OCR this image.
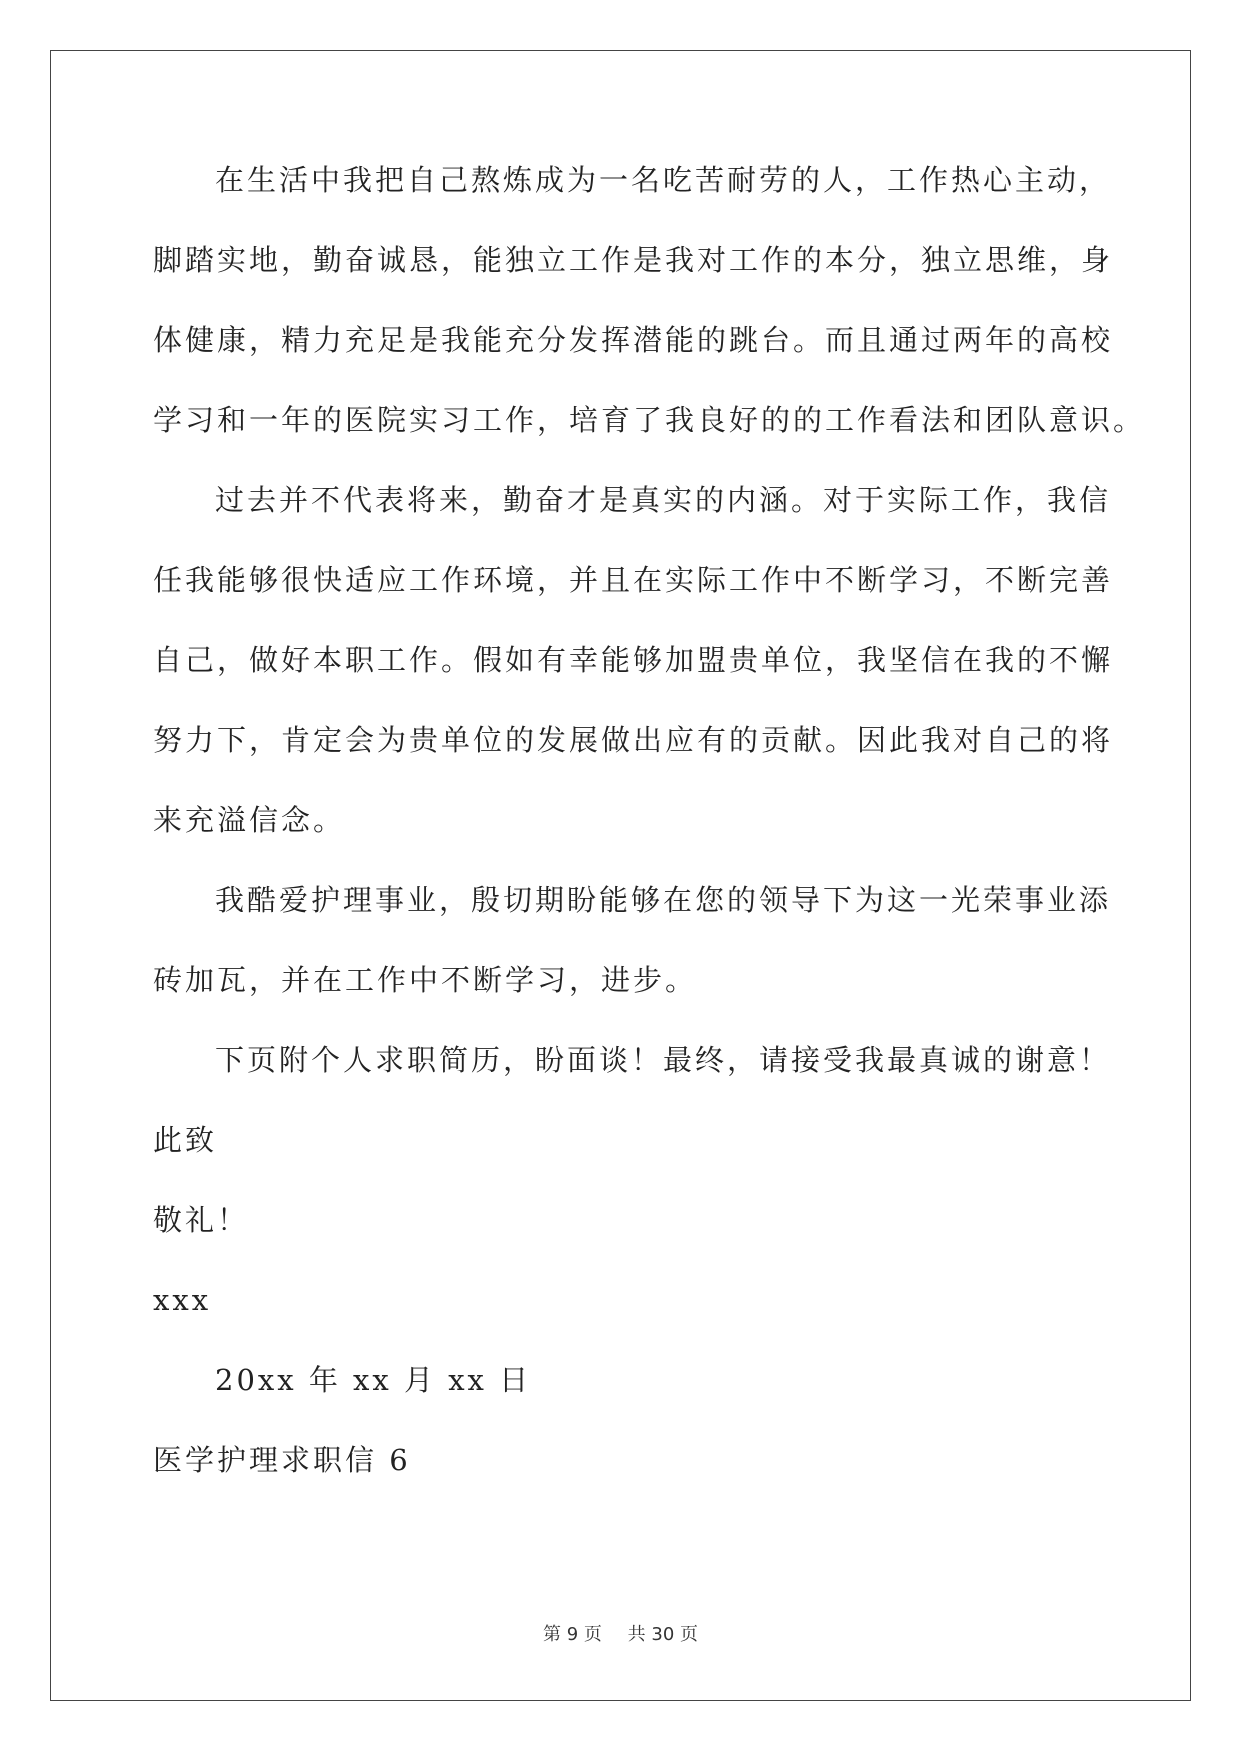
在生活中我把自己熬炼成为一名吃苦耐劳的人，工作热心主动，
脚踏实地，勤奋诚恳，能独立工作是我对工作的本分，独立思维，身
体健康，精力充足是我能充分发挥潜能的跳台。而且通过两年的高校
学习和一年的医院实习工作，培育了我良好的的工作看法和团队意识。
过去并不代表将来，勤奋才是真实的内涵。对于实际工作，我信
任我能够很快适应工作环境，并且在实际工作中不断学习，不断完善
自己，做好本职工作。假如有幸能够加盟贵单位，我坚信在我的不懈
努力下，肯定会为贵单位的发展做出应有的贡献。因此我对自己的将
来充溢信念。
我酷爱护理事业，殷切期盼能够在您的领导下为这一光荣事业添
砖加瓦，并在工作中不断学习，进步。
下页附个人求职简历，盼面谈！最终，请接受我最真诚的谢意！
此致
敬礼！
xxx
20xx 年 xx 月 xx 日
医学护理求职信 6
第 9 页 共 30 页
